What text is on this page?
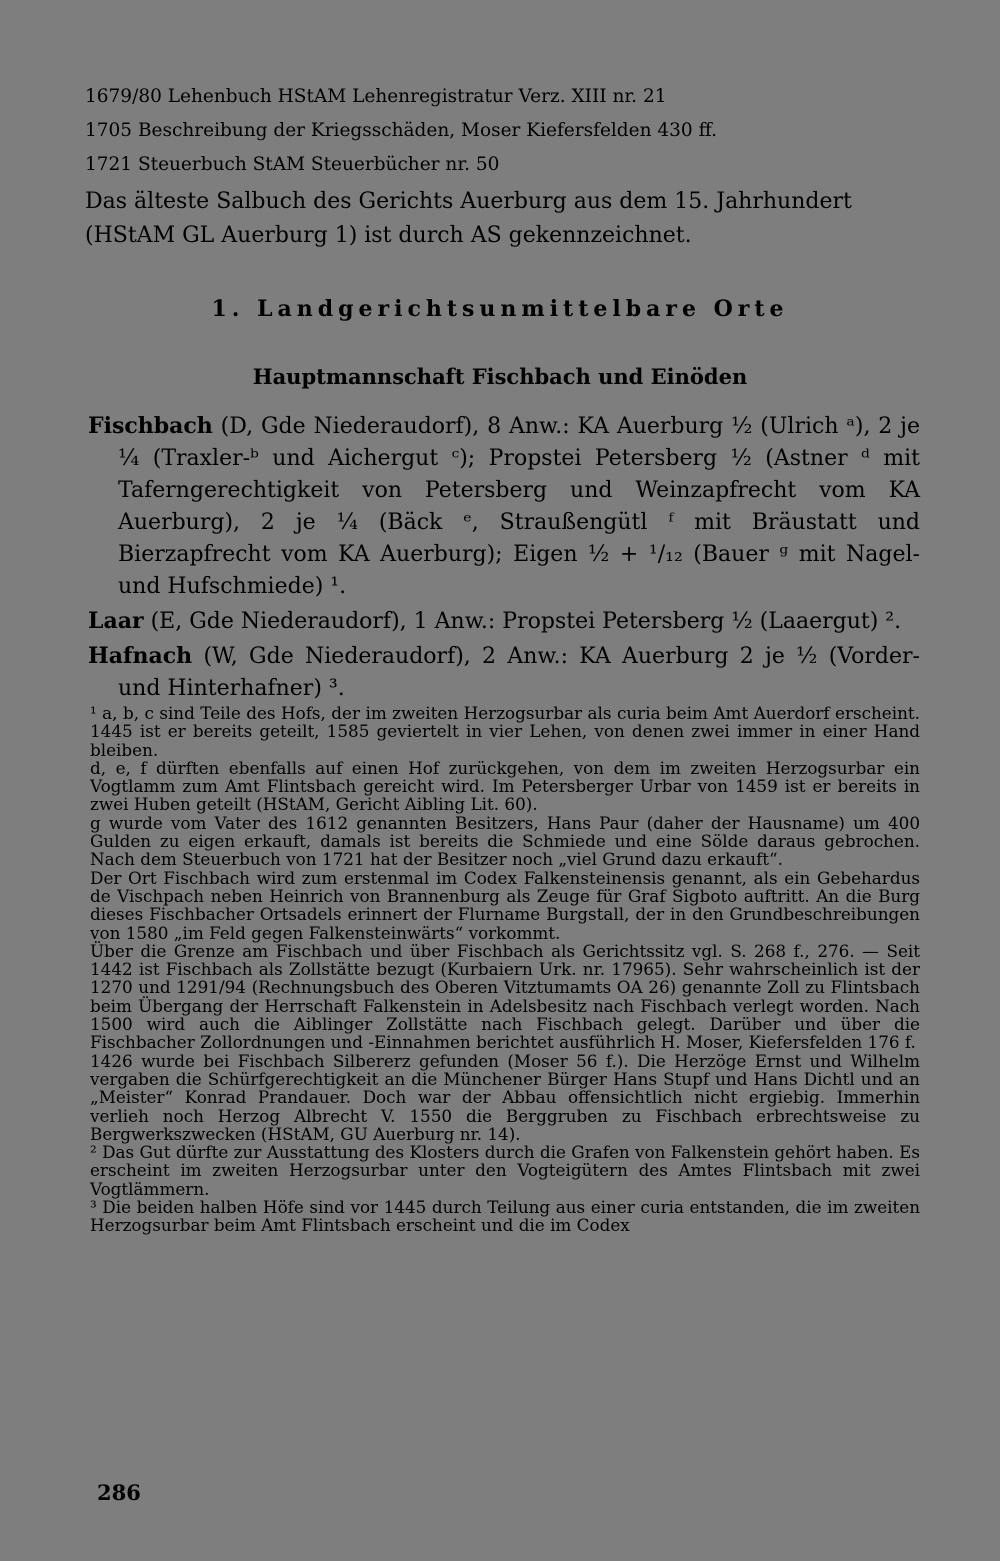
1679/80 Lehenbuch HStAM Lehenregistratur Verz. XIII nr. 21
1705 Beschreibung der Kriegsschäden, Moser Kiefersfelden 430 ff.
1721 Steuerbuch StAM Steuerbücher nr. 50
Das älteste Salbuch des Gerichts Auerburg aus dem 15. Jahrhundert (HStAM GL Auerburg 1) ist durch AS gekennzeichnet.
1. Landgerichtsunmittelbare Orte
Hauptmannschaft Fischbach und Einöden
Fischbach (D, Gde Niederaudorf), 8 Anw.: KA Auerburg ½ (Ulrich ᵃ), 2 je ¼ (Traxler-ᵇ und Aichergut ᶜ); Propstei Petersberg ½ (Astner ᵈ mit Taferngerechtigkeit von Petersberg und Weinzapfrecht vom KA Auerburg), 2 je ¼ (Bäck ᵉ, Straußengütl ᶠ mit Bräustatt und Bierzapfrecht vom KA Auerburg); Eigen ½ + ¹/₁₂ (Bauer ᵍ mit Nagel- und Hufschmiede) ¹.
Laar (E, Gde Niederaudorf), 1 Anw.: Propstei Petersberg ½ (Laaergut) ².
Hafnach (W, Gde Niederaudorf), 2 Anw.: KA Auerburg 2 je ½ (Vorder- und Hinterhafner) ³.

¹ a, b, c sind Teile des Hofs, der im zweiten Herzogsurbar als curia beim Amt Auerdorf erscheint. 1445 ist er bereits geteilt, 1585 geviertelt in vier Lehen, von denen zwei immer in einer Hand bleiben.

d, e, f dürften ebenfalls auf einen Hof zurückgehen, von dem im zweiten Herzogsurbar ein Vogtlamm zum Amt Flintsbach gereicht wird. Im Petersberger Urbar von 1459 ist er bereits in zwei Huben geteilt (HStAM, Gericht Aibling Lit. 60).

g wurde vom Vater des 1612 genannten Besitzers, Hans Paur (daher der Hausname) um 400 Gulden zu eigen erkauft, damals ist bereits die Schmiede und eine Sölde daraus gebrochen. Nach dem Steuerbuch von 1721 hat der Besitzer noch „viel Grund dazu erkauft“.

Der Ort Fischbach wird zum erstenmal im Codex Falkensteinensis genannt, als ein Gebehardus de Vischpach neben Heinrich von Brannenburg als Zeuge für Graf Sigboto auftritt. An die Burg dieses Fischbacher Ortsadels erinnert der Flurname Burgstall, der in den Grundbeschreibungen von 1580 „im Feld gegen Falkensteinwärts“ vorkommt.

Über die Grenze am Fischbach und über Fischbach als Gerichtssitz vgl. S. 268 f., 276. — Seit 1442 ist Fischbach als Zollstätte bezugt (Kurbaiern Urk. nr. 17965). Sehr wahrscheinlich ist der 1270 und 1291/94 (Rechnungsbuch des Oberen Vitztumamts OA 26) genannte Zoll zu Flintsbach beim Übergang der Herrschaft Falkenstein in Adelsbesitz nach Fischbach verlegt worden. Nach 1500 wird auch die Aiblinger Zollstätte nach Fischbach gelegt. Darüber und über die Fischbacher Zollordnungen und -Einnahmen berichtet ausführlich H. Moser, Kiefersfelden 176 f.

1426 wurde bei Fischbach Silbererz gefunden (Moser 56 f.). Die Herzöge Ernst und Wilhelm vergaben die Schürfgerechtigkeit an die Münchener Bürger Hans Stupf und Hans Dichtl und an „Meister“ Konrad Prandauer. Doch war der Abbau offensichtlich nicht ergiebig. Immerhin verlieh noch Herzog Albrecht V. 1550 die Berggruben zu Fischbach erbrechtsweise zu Bergwerkszwecken (HStAM, GU Auerburg nr. 14).

² Das Gut dürfte zur Ausstattung des Klosters durch die Grafen von Falkenstein gehört haben. Es erscheint im zweiten Herzogsurbar unter den Vogteigütern des Amtes Flintsbach mit zwei Vogtlämmern.

³ Die beiden halben Höfe sind vor 1445 durch Teilung aus einer curia entstanden, die im zweiten Herzogsurbar beim Amt Flintsbach erscheint und die im Codex

286
